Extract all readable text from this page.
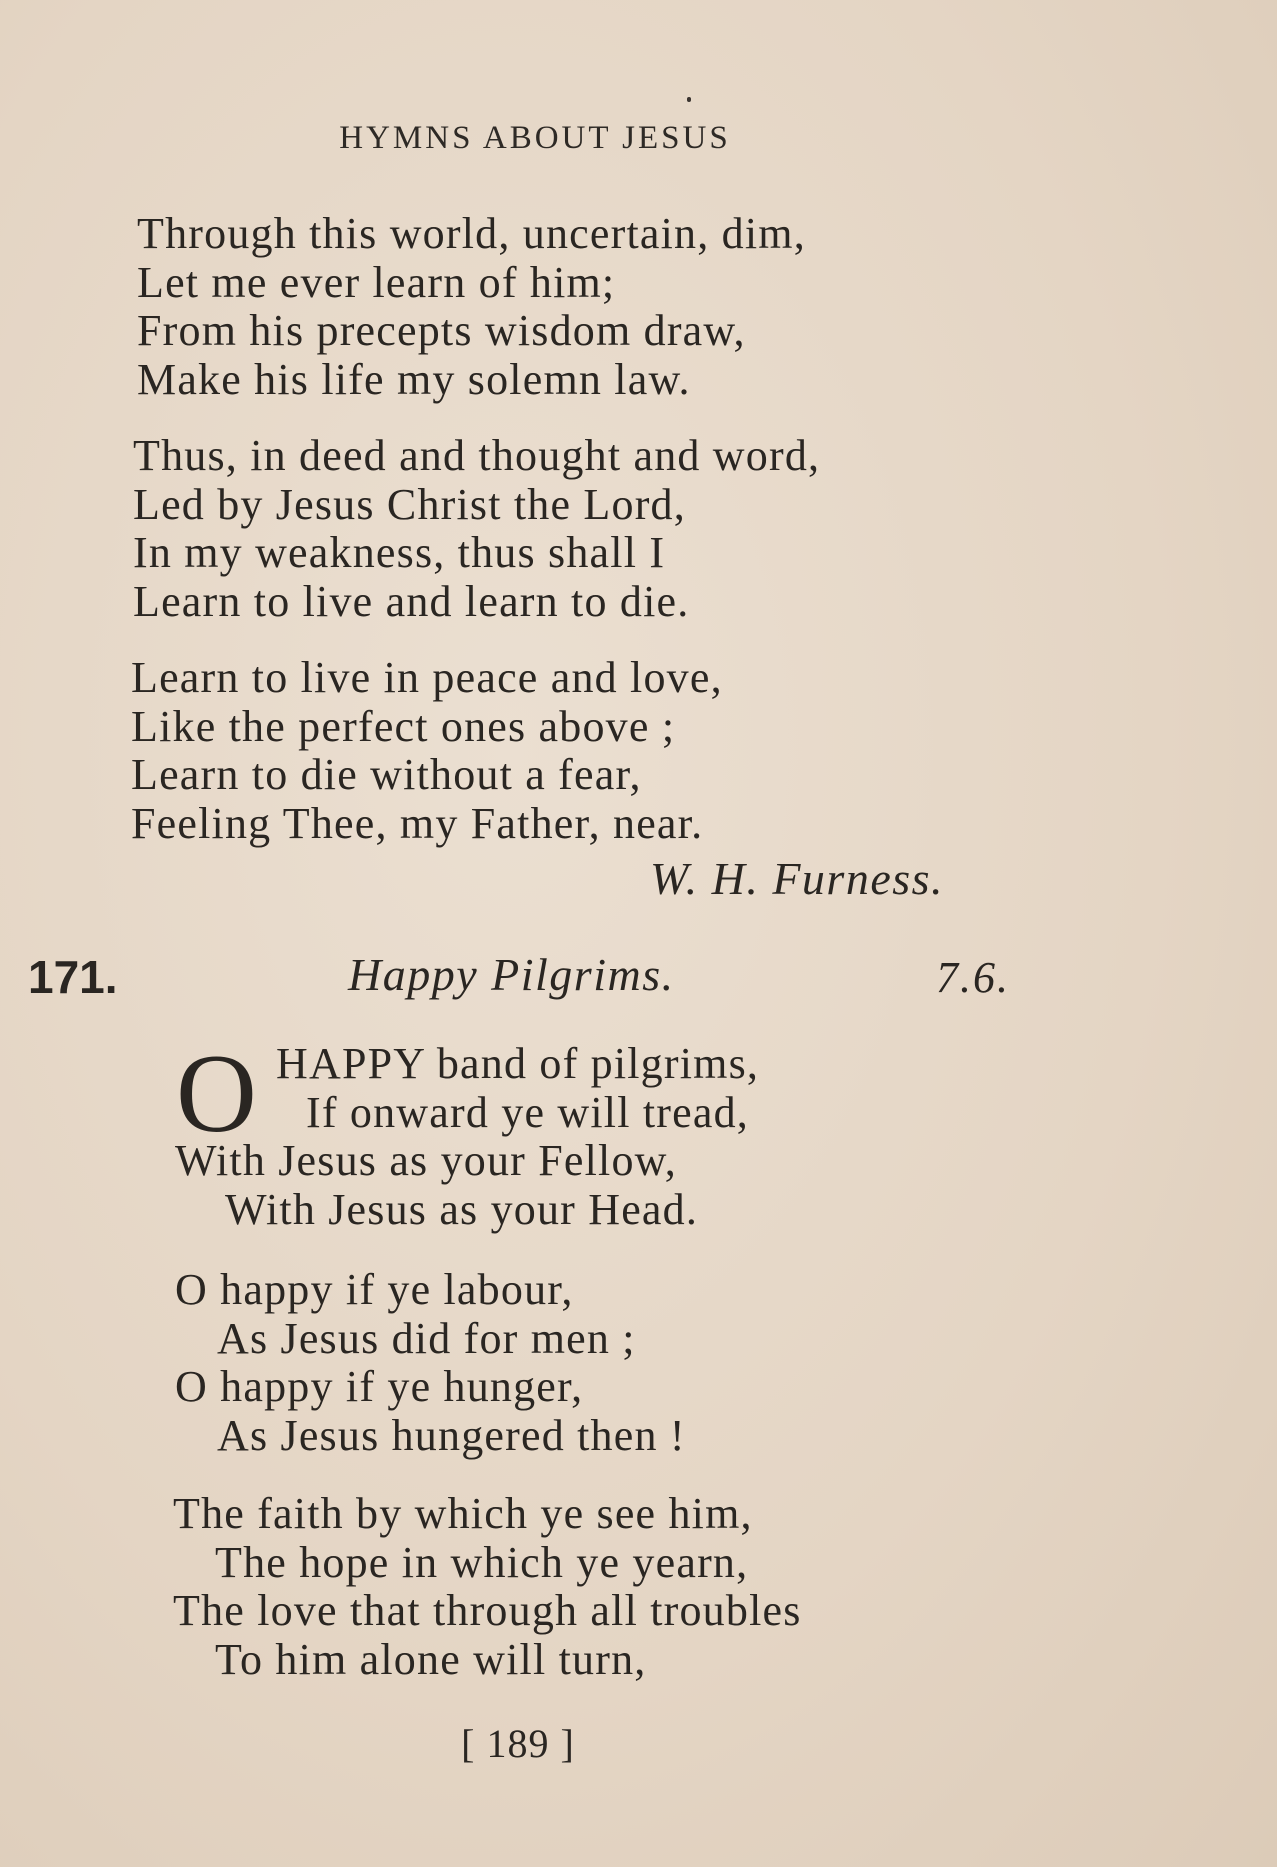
HYMNS ABOUT JESUS
Through this world, uncertain, dim,
Let me ever learn of him;
From his precepts wisdom draw,
Make his life my solemn law.
Thus, in deed and thought and word,
Led by Jesus Christ the Lord,
In my weakness, thus shall I
Learn to live and learn to die.
Learn to live in peace and love,
Like the perfect ones above ;
Learn to die without a fear,
Feeling Thee, my Father, near.
W. H. Furness.
171.	Happy Pilgrims.	7.6.
O HAPPY band of pilgrims,
If onward ye will tread,
With Jesus as your Fellow,
With Jesus as your Head.
O happy if ye labour,
As Jesus did for men ;
O happy if ye hunger,
As Jesus hungered then !
The faith by which ye see him,
The hope in which ye yearn,
The love that through all troubles
To him alone will turn,
[ 189 ]
